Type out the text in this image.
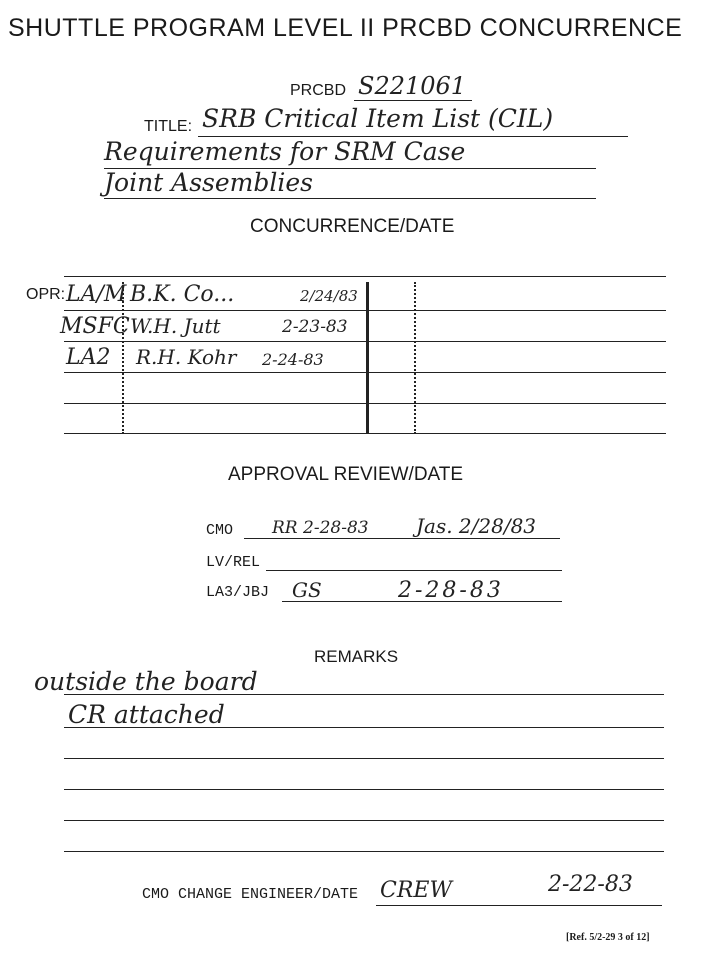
SHUTTLE PROGRAM LEVEL II PRCBD CONCURRENCE
PRCBD S221061
TITLE: SRB Critical Item List (CIL)
Requirements for SRM Case
Joint Assemblies
CONCURRENCE/DATE
OPR: LA/M B.K. Co...	2/24/83
MSFC W.H. Jutt	2-23-83
LA2 R.H. Kohr 2-24-83
APPROVAL REVIEW/DATE
CMO RR 2-28-83 Jas. 2/28/83
LV/REL
LA3/JBJ GS	2-28-83
REMARKS
outside the board
CR attached
CMO CHANGE ENGINEER/DATE CREW	2-22-83
[Ref. 5/2-29 3 of 12]
